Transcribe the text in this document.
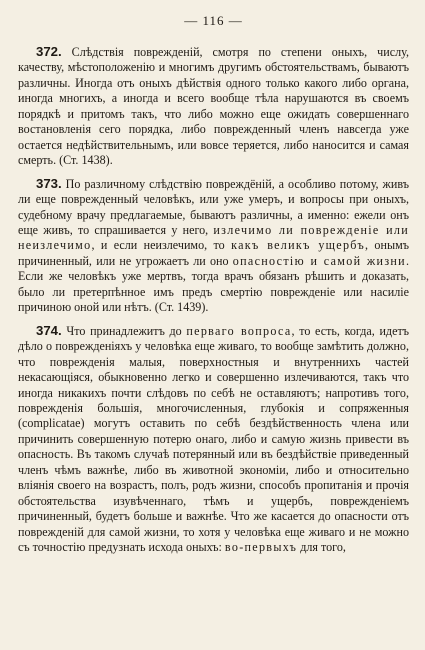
— 116 —

372. Слѣдствія поврежденій, смотря по степени оныхъ, числу, качеству, мѣстоположенію и многимъ другимъ обстоятельствамъ, бываютъ различны. Иногда отъ оныхъ дѣйствія одного только какого либо органа, иногда многихъ, а иногда и всего вообще тѣла нарушаются въ своемъ порядкѣ и притомъ такъ, что либо можно еще ожидать совершеннаго востановленія сего порядка, либо поврежденный членъ навсегда уже остается недѣйствительнымъ, или вовсе теряется, либо наносится и самая смерть. (Ст. 1438).

373. По различному слѣдствію повреждёній, а особливо потому, живъ ли еще поврежденный человѣкъ, или уже умеръ, и вопросы при оныхъ, судебному врачу предлагаемые, бываютъ различны, а именно: ежели онъ еще живъ, то спрашивается у него, излечимо ли поврежденіе или неизлечимо, и если неизлечимо, то какъ великъ ущербъ, онымъ причиненный, или не угрожаетъ ли оно опасностію и самой жизни. Если же человѣкъ уже мертвъ, тогда врачъ обязанъ рѣшить и доказать, было ли претерпѣнное имъ предъ смертію поврежденіе или насиліе причиною оной или нѣтъ. (Ст. 1439).

374. Что принадлежитъ до перваго вопроса, то есть, когда, идетъ дѣло о поврежденіяхъ у человѣка еще живаго, то вообще замѣтить должно, что поврежденія малыя, поверхностныя и внутреннихъ частей некасающіяся, обыкновенно легко и совершенно излечиваются, такъ что иногда никакихъ почти слѣдовъ по себѣ не оставляютъ; напротивъ того, поврежденія большія, многочисленныя, глубокія и сопряженныя (complicatae) могутъ оставить по себѣ бездѣйственность члена или причинить совершенную потерю онаго, либо и самую жизнь привести въ опасность. Въ такомъ случаѣ потерянный или въ бездѣйствіе приведенный членъ чѣмъ важнѣе, либо въ животной экономіи, либо и относительно вліянія своего на возрастъ, полъ, родъ жизни, способъ пропитанія и прочія обстоятельства изувѣченнаго, тѣмъ и ущербъ, поврежденіемъ причиненный, будетъ больше и важнѣе. Что же касается до опасности отъ поврежденій для самой жизни, то хотя у человѣка еще живаго и не можно съ точностію предузнать исхода оныхъ: во-первыхъ для того,
